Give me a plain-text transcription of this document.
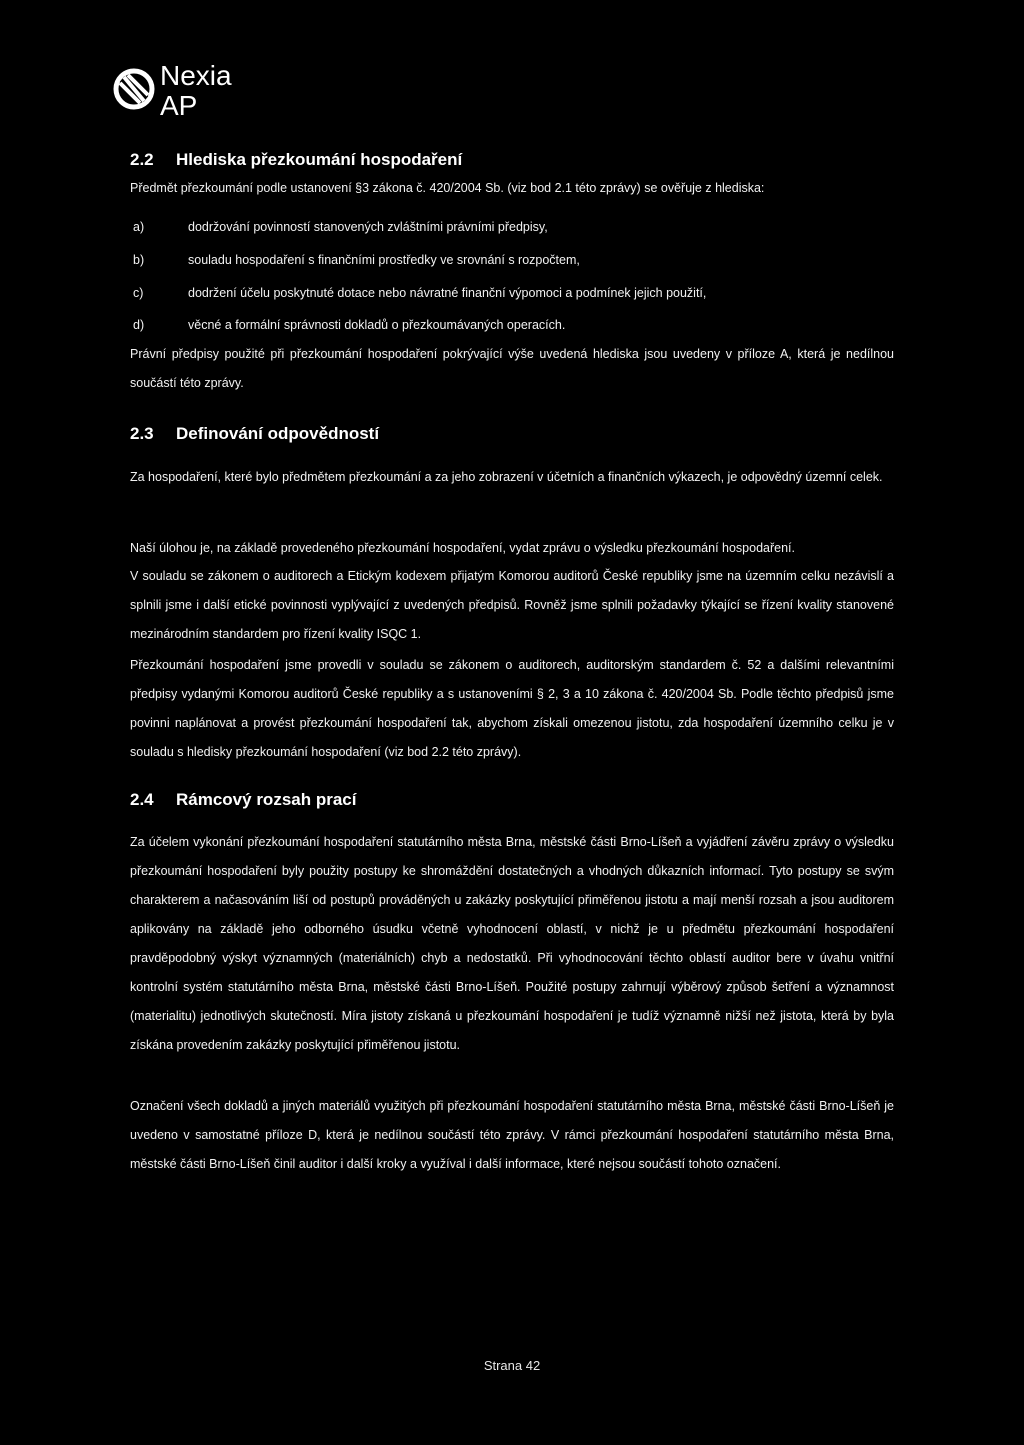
Nexia
AP
2.2 Hlediska přezkoumání hospodaření
Předmět přezkoumání podle ustanovení §3 zákona č. 420/2004 Sb. (viz bod 2.1 této zprávy) se ověřuje z hlediska:
a)	dodržování povinností stanovených zvláštními právními předpisy,
b)	souladu hospodaření s finančními prostředky ve srovnání s rozpočtem,
c)	dodržení účelu poskytnuté dotace nebo návratné finanční výpomoci a podmínek jejich použití,
d)	věcné a formální správnosti dokladů o přezkoumávaných operacích.
Právní předpisy použité při přezkoumání hospodaření pokrývající výše uvedená hlediska jsou uvedeny v příloze A, která je nedílnou součástí této zprávy.
2.3 Definování odpovědností
Za hospodaření, které bylo předmětem přezkoumání a za jeho zobrazení v účetních a finančních výkazech, je odpovědný územní celek.
Naší úlohou je, na základě provedeného přezkoumání hospodaření, vydat zprávu o výsledku přezkoumání hospodaření.
V souladu se zákonem o auditorech a Etickým kodexem přijatým Komorou auditorů České republiky jsme na územním celku nezávislí a splnili jsme i další etické povinnosti vyplývající z uvedených předpisů. Rovněž jsme splnili požadavky týkající se řízení kvality stanovené mezinárodním standardem pro řízení kvality ISQC 1.
Přezkoumání hospodaření jsme provedli v souladu se zákonem o auditorech, auditorským standardem č. 52 a dalšími relevantními předpisy vydanými Komorou auditorů České republiky a s ustanoveními § 2, 3 a 10 zákona č. 420/2004 Sb. Podle těchto předpisů jsme povinni naplánovat a provést přezkoumání hospodaření tak, abychom získali omezenou jistotu, zda hospodaření územního celku je v souladu s hledisky přezkoumání hospodaření (viz bod 2.2 této zprávy).
2.4 Rámcový rozsah prací
Za účelem vykonání přezkoumání hospodaření statutárního města Brna, městské části Brno-Líšeň a vyjádření závěru zprávy o výsledku přezkoumání hospodaření byly použity postupy ke shromáždění dostatečných a vhodných důkazních informací. Tyto postupy se svým charakterem a načasováním liší od postupů prováděných u zakázky poskytující přiměřenou jistotu a mají menší rozsah a jsou auditorem aplikovány na základě jeho odborného úsudku včetně vyhodnocení oblastí, v nichž je u předmětu přezkoumání hospodaření pravděpodobný výskyt významných (materiálních) chyb a nedostatků. Při vyhodnocování těchto oblastí auditor bere v úvahu vnitřní kontrolní systém statutárního města Brna, městské části Brno-Líšeň. Použité postupy zahrnují výběrový způsob šetření a významnost (materialitu) jednotlivých skutečností. Míra jistoty získaná u přezkoumání hospodaření je tudíž významně nižší než jistota, která by byla získána provedením zakázky poskytující přiměřenou jistotu.
Označení všech dokladů a jiných materiálů využitých při přezkoumání hospodaření statutárního města Brna, městské části Brno-Líšeň je uvedeno v samostatné příloze D, která je nedílnou součástí této zprávy. V rámci přezkoumání hospodaření statutárního města Brna, městské části Brno-Líšeň činil auditor i další kroky a využíval i další informace, které nejsou součástí tohoto označení.
Strana 42
